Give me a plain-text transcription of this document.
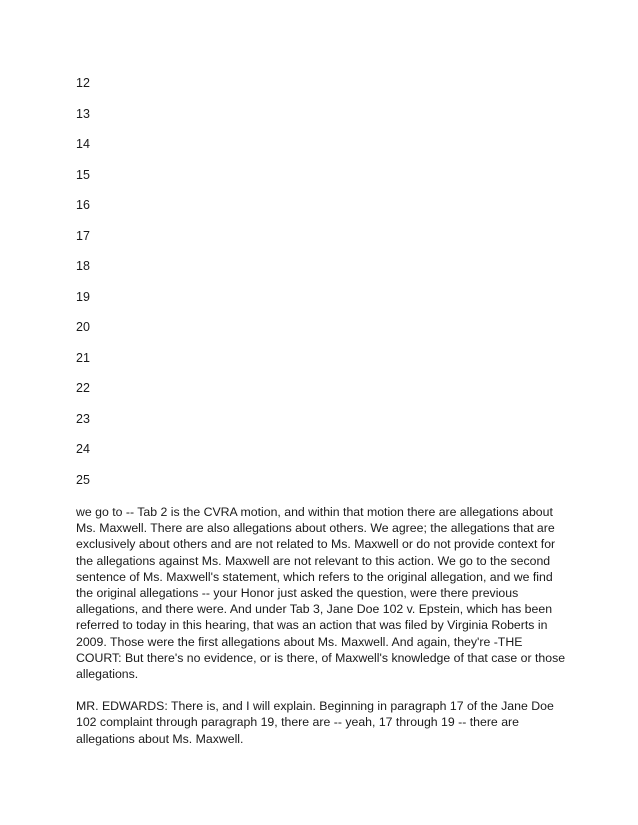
12
13
14
15
16
17
18
19
20
21
22
23
24
25

we go to -- Tab 2 is the CVRA motion, and within that motion there are allegations about Ms. Maxwell. There are also allegations about others. We agree; the allegations that are exclusively about others and are not related to Ms. Maxwell or do not provide context for the allegations against Ms. Maxwell are not relevant to this action. We go to the second sentence of Ms. Maxwell's statement, which refers to the original allegation, and we find the original allegations -- your Honor just asked the question, were there previous allegations, and there were. And under Tab 3, Jane Doe 102 v. Epstein, which has been referred to today in this hearing, that was an action that was filed by Virginia Roberts in 2009. Those were the first allegations about Ms. Maxwell. And again, they're -THE COURT: But there's no evidence, or is there, of Maxwell's knowledge of that case or those allegations.

MR. EDWARDS: There is, and I will explain. Beginning in paragraph 17 of the Jane Doe 102 complaint through paragraph 19, there are -- yeah, 17 through 19 -- there are allegations about Ms. Maxwell.
